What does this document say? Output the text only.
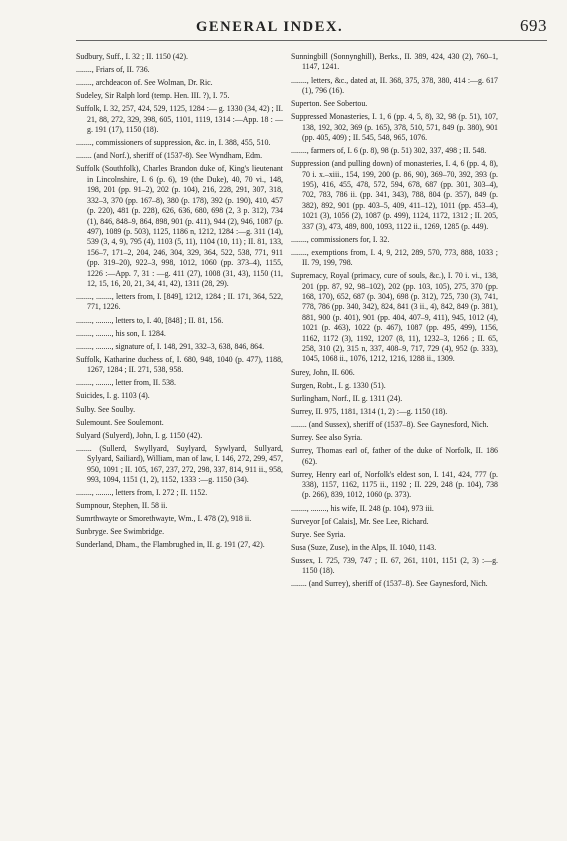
GENERAL INDEX.	693

Sudbury, Suff., I. 32 ; II. 1150 (42).

........, Friars of, II. 736.

........, archdeacon of. See Wolman, Dr. Ric.

Sudeley, Sir Ralph lord (temp. Hen. III. ?), I. 75.

Suffolk, I. 32, 257, 424, 529, 1125, 1284 :— g. 1330 (34, 42) ; II. 21, 88, 272, 329, 398, 605, 1101, 1119, 1314 :—App. 18 : —g. 191 (17), 1150 (18).

........, commissioners of suppression, &c. in, I. 388, 455, 510.

........ (and Norf.), sheriff of (1537-8). See Wyndham, Edm.

Suffolk (Southfolk), Charles Brandon duke of, King's lieutenant in Lincolnshire, I. 6 (p. 6), 19 (the Duke), 40, 70 vi., 148, 198, 201 (pp. 91–2), 202 (p. 104), 216, 228, 291, 307, 318, 332–3, 370 (pp. 167–8), 380 (p. 178), 392 (p. 190), 410, 457 (p. 220), 481 (p. 228), 626, 636, 680, 698 (2, 3 p. 312), 734 (1), 846, 848–9, 864, 898, 901 (p. 411), 944 (2), 946, 1087 (p. 497), 1089 (p. 503), 1125, 1186 n, 1212, 1284 :—g. 311 (14), 539 (3, 4, 9), 795 (4), 1103 (5, 11), 1104 (10, 11) ; II. 81, 133, 156–7, 171–2, 204, 246, 304, 329, 364, 522, 538, 771, 911 (pp. 319–20), 922–3, 998, 1012, 1060 (pp. 373–4), 1155, 1226 :—App. 7, 31 : —g. 411 (27), 1008 (31, 43), 1150 (11, 12, 15, 16, 20, 21, 34, 41, 42), 1311 (28, 29).

........, ........, letters from, I. [849], 1212, 1284 ; II. 171, 364, 522, 771, 1226.

........, ........, letters to, I. 40, [848] ; II. 81, 156.

........, ........, his son, I. 1284.

........, ........, signature of, I. 148, 291, 332–3, 638, 846, 864.

Suffolk, Katharine duchess of, I. 680, 948, 1040 (p. 477), 1188, 1267, 1284 ; II. 271, 538, 958.

........, ........, letter from, II. 538.

Suicides, I. g. 1103 (4).

Sulby. See Soulby.

Sulemount. See Soulemont.

Sulyard (Sulyerd), John, I. g. 1150 (42).

........ (Sullerd, Swyllyard, Suylyard, Sywlyard, Sullyard, Sylyard, Sailiard), William, man of law, I. 146, 272, 299, 457, 950, 1091 ; II. 105, 167, 237, 272, 298, 337, 814, 911 ii., 958, 993, 1094, 1151 (1, 2), 1152, 1333 :—g. 1150 (34).

........, ........, letters from, I. 272 ; II. 1152.

Sumpnour, Stephen, II. 58 ii.

Sumrthwayte or Smorethwayte, Wm., I. 478 (2), 918 ii.

Sunbryge. See Swimbridge.

Sunderland, Dham., the Flambrughed in, II. g. 191 (27, 42).

Sunningbill (Sonnynghill), Berks., II. 389, 424, 430 (2), 760–1, 1147, 1241.

........, letters, &c., dated at, II. 368, 375, 378, 380, 414 :—g. 617 (1), 796 (16).

Superton. See Sobertou.

Suppressed Monasteries, I. 1, 6 (pp. 4, 5, 8), 32, 98 (p. 51), 107, 138, 192, 302, 369 (p. 165), 378, 510, 571, 849 (p. 380), 901 (pp. 405, 409) ; II. 545, 548, 965, 1076.

........, farmers of, I. 6 (p. 8), 98 (p. 51) 302, 337, 498 ; II. 548.

Suppression (and pulling down) of monasteries, I. 4, 6 (pp. 4, 8), 70 i. x.–xiii., 154, 199, 200 (p. 86, 90), 369–70, 392, 393 (p. 195), 416, 455, 478, 572, 594, 678, 687 (pp. 301, 303–4), 702, 783, 786 ii. (pp. 341, 343), 788, 804 (p. 357), 849 (p. 382), 892, 901 (pp. 403–5, 409, 411–12), 1011 (pp. 453–4), 1021 (3), 1056 (2), 1087 (p. 499), 1124, 1172, 1312 ; II. 205, 337 (3), 473, 489, 800, 1093, 1122 ii., 1269, 1285 (p. 449).

........, commissioners for, I. 32.

........, exemptions from, I. 4, 9, 212, 289, 570, 773, 888, 1033 ; II. 79, 199, 798.

Supremacy, Royal (primacy, cure of souls, &c.), I. 70 i. vi., 138, 201 (pp. 87, 92, 98–102), 202 (pp. 103, 105), 275, 370 (pp. 168, 170), 652, 687 (p. 304), 698 (p. 312), 725, 730 (3), 741, 778, 786 (pp. 340, 342), 824, 841 (3 ii., 4), 842, 849 (p. 381), 881, 900 (p. 401), 901 (pp. 404, 407–9, 411), 945, 1012 (4), 1021 (p. 463), 1022 (p. 467), 1087 (pp. 495, 499), 1156, 1162, 1172 (3), 1192, 1207 (8, 11), 1232–3, 1266 ; II. 65, 258, 310 (2), 315 n, 337, 408–9, 717, 729 (4), 952 (p. 333), 1045, 1068 ii., 1076, 1212, 1216, 1288 ii., 1309.

Surey, John, II. 606.

Surgen, Robt., I. g. 1330 (51).

Surlingham, Norf., II. g. 1311 (24).

Surrey, II. 975, 1181, 1314 (1, 2) :—g. 1150 (18).

........ (and Sussex), sheriff of (1537–8). See Gaynesford, Nich.

Surrey. See also Syria.

Surrey, Thomas earl of, father of the duke of Norfolk, II. 186 (62).

Surrey, Henry earl of, Norfolk's eldest son, I. 141, 424, 777 (p. 338), 1157, 1162, 1175 ii., 1192 ; II. 229, 248 (p. 104), 738 (p. 266), 839, 1012, 1060 (p. 373).

........, ........, his wife, II. 248 (p. 104), 973 iii.

Surveyor [of Calais], Mr. See Lee, Richard.

Surye. See Syria.

Susa (Suze, Zuse), in the Alps, II. 1040, 1143.

Sussex, I. 725, 739, 747 ; II. 67, 261, 1101, 1151 (2, 3) :—g. 1150 (18).

........ (and Surrey), sheriff of (1537–8). See Gaynesford, Nich.
